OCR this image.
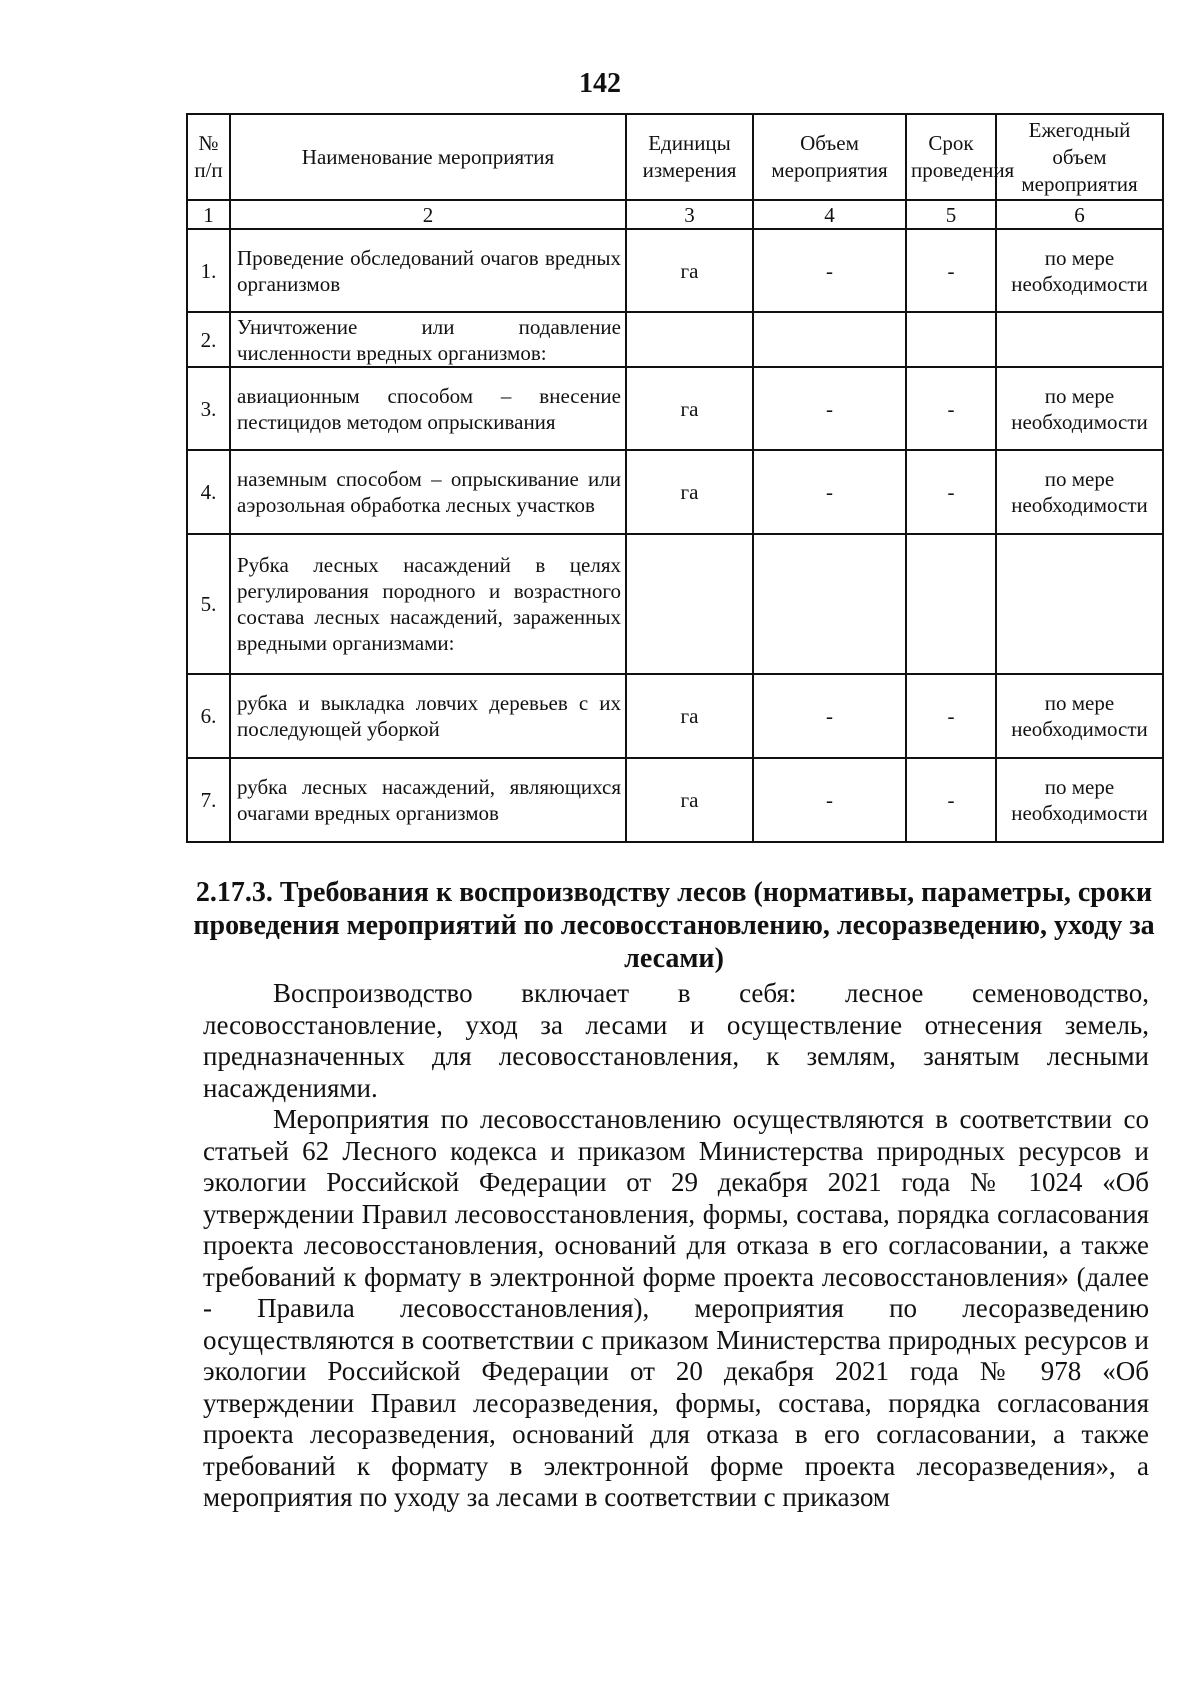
142
№ п/п	Наименование мероприятия	Единицы измерения	Объем мероприятия	Срок проведения	Ежегодный объем мероприятия
1	2	3	4	5	6
1.	Проведение обследований очагов вредных организмов	га	-	-	по мере необходимости
2.	Уничтожение или подавление численности вредных организмов:				
3.	авиационным способом – внесение пестицидов методом опрыскивания	га	-	-	по мере необходимости
4.	наземным способом – опрыскивание или аэрозольная обработка лесных участков	га	-	-	по мере необходимости
5.	Рубка лесных насаждений в целях регулирования породного и возрастного состава лесных насаждений, зараженных вредными организмами:				
6.	рубка и выкладка ловчих деревьев с их последующей уборкой	га	-	-	по мере необходимости
7.	рубка лесных насаждений, являющихся очагами вредных организмов	га	-	-	по мере необходимости
2.17.3. Требования к воспроизводству лесов (нормативы, параметры, сроки проведения мероприятий по лесовосстановлению, лесоразведению, уходу за лесами)

Воспроизводство включает в себя: лесное семеноводство, лесовосстановление, уход за лесами и осуществление отнесения земель, предназначенных для лесовосстановления, к землям, занятым лесными насаждениями.

Мероприятия по лесовосстановлению осуществляются в соответствии со статьей 62 Лесного кодекса и приказом Министерства природных ресурсов и экологии Российской Федерации от 29 декабря 2021 года № 1024 «Об утверждении Правил лесовосстановления, формы, состава, порядка согласования проекта лесовосстановления, оснований для отказа в его согласовании, а также требований к формату в электронной форме проекта лесовосстановления» (далее - Правила лесовосстановления), мероприятия по лесоразведению осуществляются в соответствии с приказом Министерства природных ресурсов и экологии Российской Федерации от 20 декабря 2021 года № 978 «Об утверждении Правил лесоразведения, формы, состава, порядка согласования проекта лесоразведения, оснований для отказа в его согласовании, а также требований к формату в электронной форме проекта лесоразведения», а мероприятия по уходу за лесами в соответствии с приказом
